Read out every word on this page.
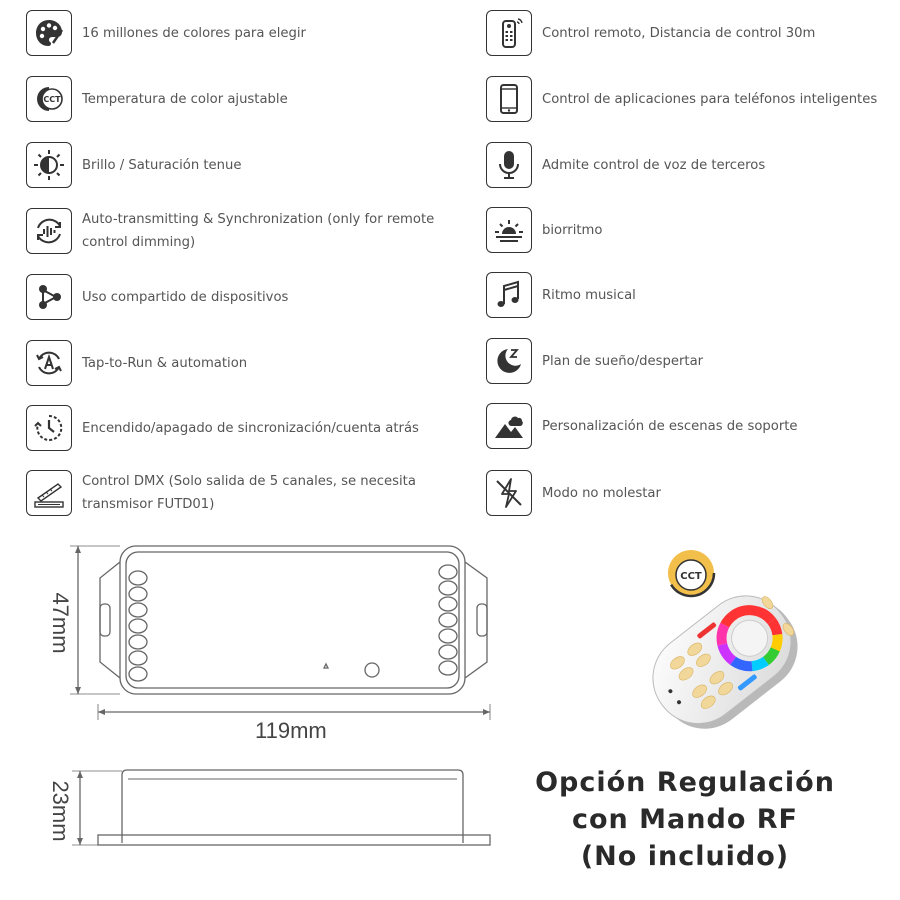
16 millones de colores para elegir
CCT Temperatura de color ajustable
Brillo / Saturación tenue
Auto-transmitting & Synchronization (only for remote control dimming)
Uso compartido de dispositivos
Tap-to-Run & automation
Encendido/apagado de sincronización/cuenta atrás
Control DMX (Solo salida de 5 canales, se necesita transmisor FUTD01)
Control remoto, Distancia de control 30m
Control de aplicaciones para teléfonos inteligentes
Admite control de voz de terceros
biorritmo
Ritmo musical
Plan de sueño/despertar
Personalización de escenas de soporte
Modo no molestar
47mm
119mm
23mm
CCT
Opción Regulación
con Mando RF
(No incluido)
